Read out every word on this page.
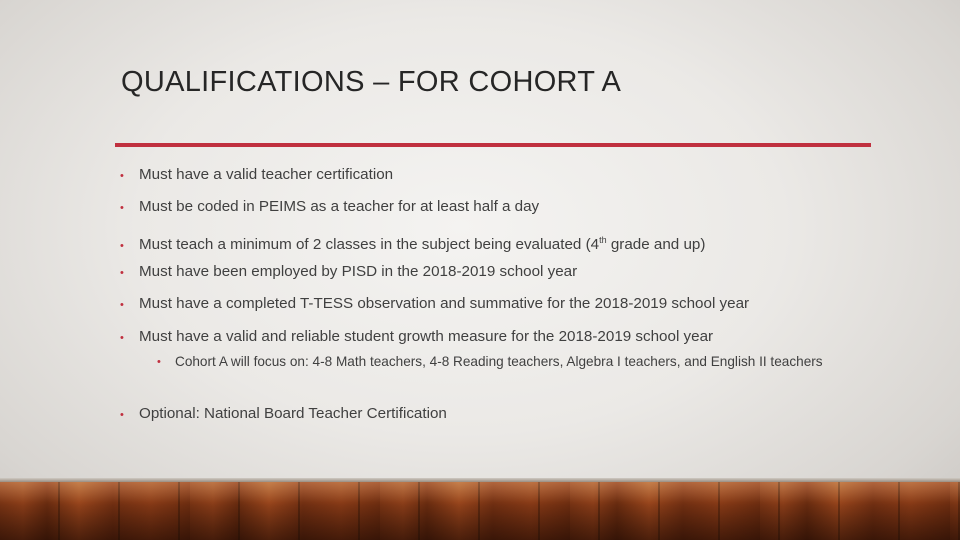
QUALIFICATIONS – FOR COHORT A
• Must have a valid teacher certification
• Must be coded in PEIMS as a teacher for at least half a day
• Must teach a minimum of 2 classes in the subject being evaluated (4th grade and up)
• Must have been employed by PISD in the 2018-2019 school year
• Must have a completed T-TESS observation and summative for the 2018-2019 school year
• Must have a valid and reliable student growth measure for the 2018-2019 school year
•	Cohort A will focus on: 4-8 Math teachers, 4-8 Reading teachers, Algebra I teachers, and English II teachers
• Optional: National Board Teacher Certification
